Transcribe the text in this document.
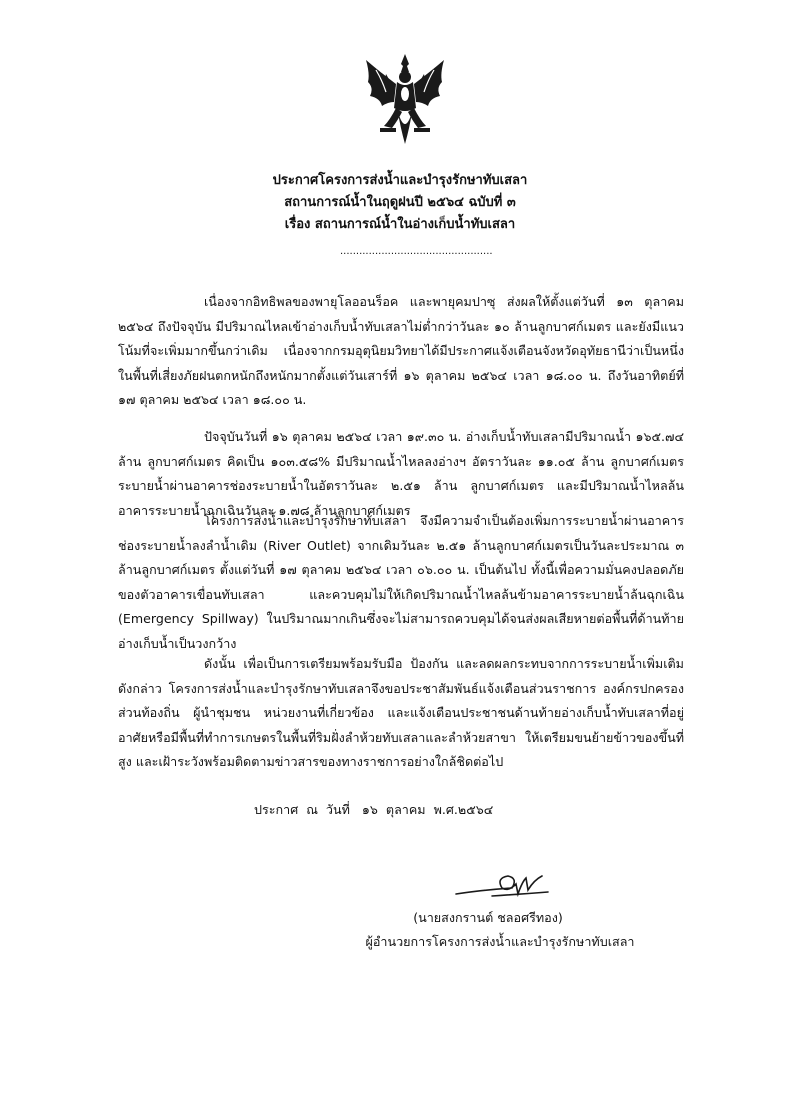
ประกาศโครงการส่งน้ำและบำรุงรักษาทับเสลา
สถานการณ์น้ำในฤดูฝนปี ๒๕๖๔ ฉบับที่ ๓
เรื่อง สถานการณ์น้ำในอ่างเก็บน้ำทับเสลา
................................................
เนื่องจากอิทธิพลของพายุโลออนร็อค และพายุคมปาซุ ส่งผลให้ตั้งแต่วันที่ ๑๓ ตุลาคม ๒๕๖๔ ถึงปัจจุบัน มีปริมาณไหลเข้าอ่างเก็บน้ำทับเสลาไม่ต่ำกว่าวันละ ๑๐ ล้านลูกบาศก์เมตร และยังมีแนวโน้มที่จะเพิ่มมากขึ้นกว่าเดิม เนื่องจากกรมอุตุนิยมวิทยาได้มีประกาศแจ้งเตือนจังหวัดอุทัยธานีว่าเป็นหนึ่งในพื้นที่เสี่ยงภัยฝนตกหนักถึงหนักมากตั้งแต่วันเสาร์ที่ ๑๖ ตุลาคม ๒๕๖๔ เวลา ๑๘.๐๐ น. ถึงวันอาทิตย์ที่ ๑๗ ตุลาคม ๒๕๖๔ เวลา ๑๘.๐๐ น.
ปัจจุบันวันที่ ๑๖ ตุลาคม ๒๕๖๔ เวลา ๑๙.๓๐ น. อ่างเก็บน้ำทับเสลามีปริมาณน้ำ ๑๖๕.๗๔ ล้าน ลูกบาศก์เมตร คิดเป็น ๑๐๓.๕๘% มีปริมาณน้ำไหลลงอ่างฯ อัตราวันละ ๑๑.๐๕ ล้าน ลูกบาศก์เมตร ระบายน้ำผ่านอาคารช่องระบายน้ำในอัตราวันละ ๒.๕๑ ล้าน ลูกบาศก์เมตร และมีปริมาณน้ำไหลล้นอาคารระบายน้ำฉุกเฉินวันละ ๑.๗๘ ล้านลูกบาศก์เมตร
โครงการส่งน้ำและบำรุงรักษาทับเสลา จึงมีความจำเป็นต้องเพิ่มการระบายน้ำผ่านอาคารช่องระบายน้ำลงลำน้ำเดิม (River Outlet) จากเดิมวันละ ๒.๕๑ ล้านลูกบาศก์เมตรเป็นวันละประมาณ ๓ ล้านลูกบาศก์เมตร ตั้งแต่วันที่ ๑๗ ตุลาคม ๒๕๖๔ เวลา ๐๖.๐๐ น. เป็นต้นไป ทั้งนี้เพื่อความมั่นคงปลอดภัยของตัวอาคารเขื่อนทับเสลา และควบคุมไม่ให้เกิดปริมาณน้ำไหลล้นข้ามอาคารระบายน้ำล้นฉุกเฉิน (Emergency Spillway) ในปริมาณมากเกินซึ่งจะไม่สามารถควบคุมได้จนส่งผลเสียหายต่อพื้นที่ด้านท้ายอ่างเก็บน้ำเป็นวงกว้าง
ดังนั้น เพื่อเป็นการเตรียมพร้อมรับมือ ป้องกัน และลดผลกระทบจากการระบายน้ำเพิ่มเติมดังกล่าว โครงการส่งน้ำและบำรุงรักษาทับเสลาจึงขอประชาสัมพันธ์แจ้งเตือนส่วนราชการ องค์กรปกครองส่วนท้องถิ่น ผู้นำชุมชน หน่วยงานที่เกี่ยวข้อง และแจ้งเตือนประชาชนด้านท้ายอ่างเก็บน้ำทับเสลาที่อยู่อาศัยหรือมีพื้นที่ทำการเกษตรในพื้นที่ริมฝั่งลำห้วยทับเสลาและลำห้วยสาขา ให้เตรียมขนย้ายข้าวของขึ้นที่สูง และเฝ้าระวังพร้อมติดตามข่าวสารของทางราชการอย่างใกล้ชิดต่อไป
ประกาศ  ณ  วันที่   ๑๖  ตุลาคม  พ.ศ.๒๕๖๔
(นายสงกรานต์ ชลอศรีทอง)
ผู้อำนวยการโครงการส่งน้ำและบำรุงรักษาทับเสลา
